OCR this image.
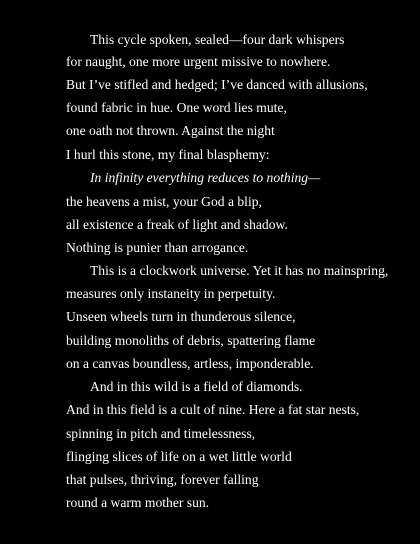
This cycle spoken, sealed—four dark whispers
for naught, one more urgent missive to nowhere.
But I’ve stifled and hedged; I’ve danced with allusions,
found fabric in hue. One word lies mute,
one oath not thrown. Against the night
I hurl this stone, my final blasphemy:
In infinity everything reduces to nothing—
the heavens a mist, your God a blip,
all existence a freak of light and shadow.
Nothing is punier than arrogance.
This is a clockwork universe. Yet it has no mainspring,
measures only instaneity in perpetuity.
Unseen wheels turn in thunderous silence,
building monoliths of debris, spattering flame
on a canvas boundless, artless, imponderable.
And in this wild is a field of diamonds.
And in this field is a cult of nine. Here a fat star nests,
spinning in pitch and timelessness,
flinging slices of life on a wet little world
that pulses, thriving, forever falling
round a warm mother sun.
